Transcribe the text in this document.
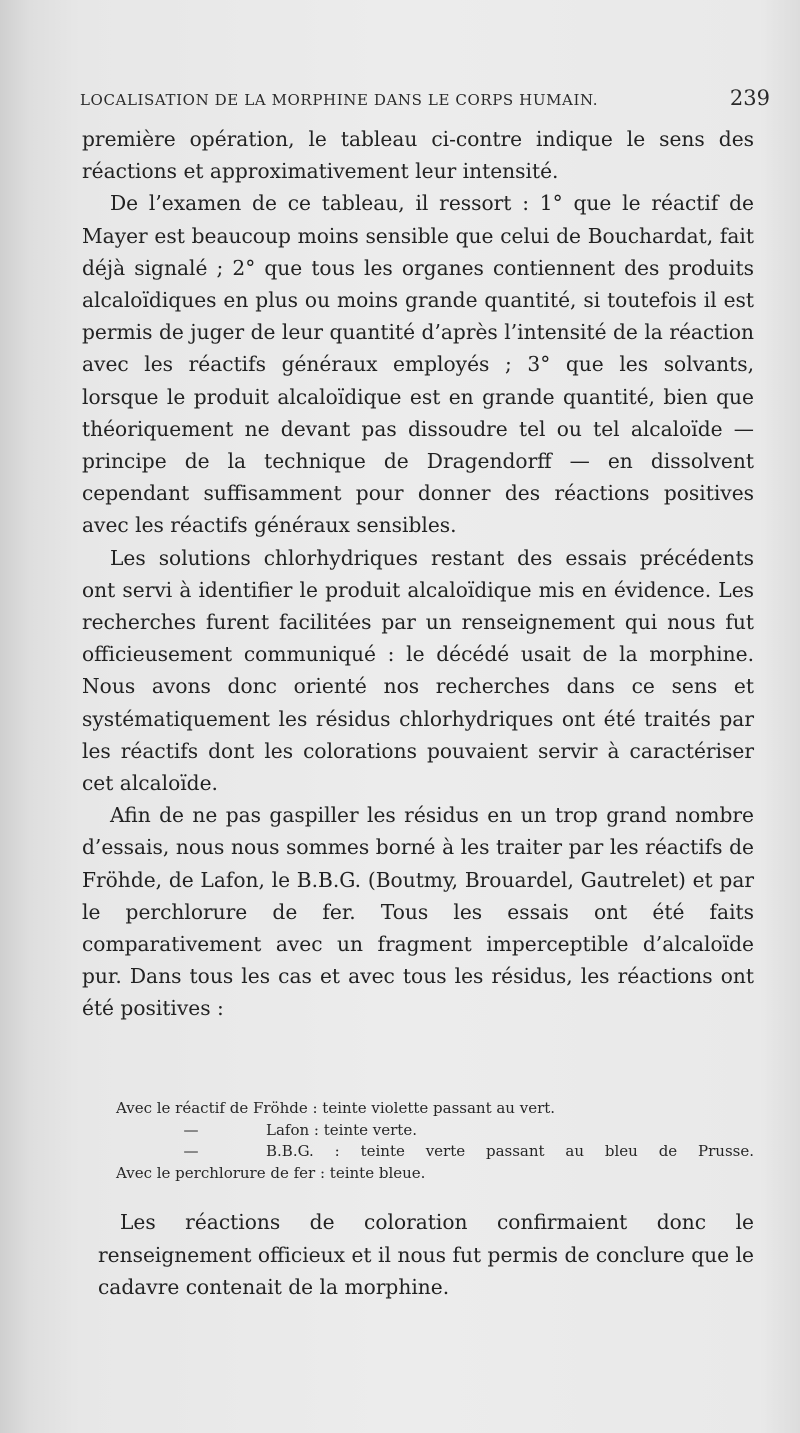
LOCALISATION DE LA MORPHINE DANS LE CORPS HUMAIN.	239

première opération, le tableau ci-contre indique le sens des réactions et approximativement leur intensité.

De l’examen de ce tableau, il ressort : 1° que le réactif de Mayer est beaucoup moins sensible que celui de Bouchardat, fait déjà signalé ; 2° que tous les organes contiennent des produits alcaloïdiques en plus ou moins grande quantité, si toutefois il est permis de juger de leur quantité d’après l’intensité de la réaction avec les réactifs généraux employés ; 3° que les solvants, lorsque le produit alcaloïdique est en grande quantité, bien que théoriquement ne devant pas dissoudre tel ou tel alcaloïde — principe de la technique de Dragendorff — en dissolvent cependant suffisamment pour donner des réactions positives avec les réactifs généraux sensibles.

Les solutions chlorhydriques restant des essais précédents ont servi à identifier le produit alcaloïdique mis en évidence. Les recherches furent facilitées par un renseignement qui nous fut officieusement communiqué : le décédé usait de la morphine. Nous avons donc orienté nos recherches dans ce sens et systématiquement les résidus chlorhydriques ont été traités par les réactifs dont les colorations pouvaient servir à caractériser cet alcaloïde.

Afin de ne pas gaspiller les résidus en un trop grand nombre d’essais, nous nous sommes borné à les traiter par les réactifs de Fröhde, de Lafon, le B.B.G. (Boutmy, Brouardel, Gautrelet) et par le perchlorure de fer. Tous les essais ont été faits comparativement avec un fragment imperceptible d’alcaloïde pur. Dans tous les cas et avec tous les résidus, les réactions ont été positives :

Avec le réactif de Fröhde : teinte violette passant au vert.
—	Lafon : teinte verte.
—	B.B.G. : teinte verte passant au bleu de Prusse.
Avec le perchlorure de fer : teinte bleue.

Les réactions de coloration confirmaient donc le renseignement officieux et il nous fut permis de conclure que le cadavre contenait de la morphine.
